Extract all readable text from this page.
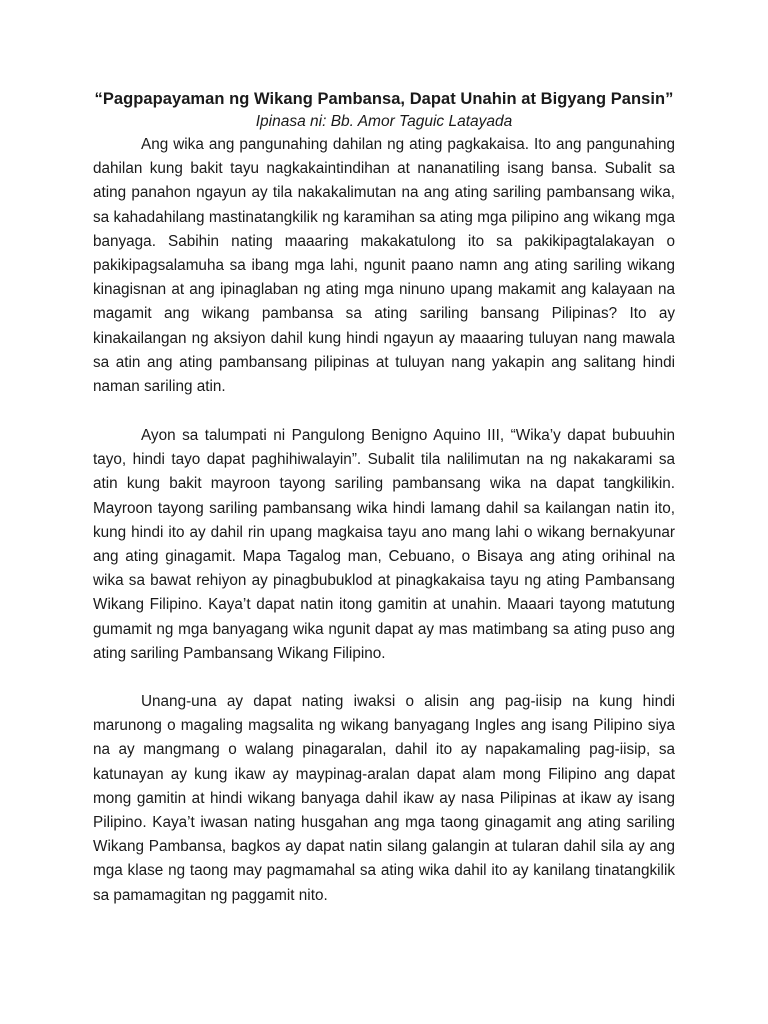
“Pagpapayaman ng Wikang Pambansa, Dapat Unahin at Bigyang Pansin”
Ipinasa ni: Bb. Amor Taguic Latayada

Ang wika ang pangunahing dahilan ng ating pagkakaisa. Ito ang pangunahing dahilan kung bakit tayu nagkakaintindihan at nananatiling isang bansa. Subalit sa ating panahon ngayun ay tila nakakalimutan na ang ating sariling pambansang wika, sa kahadahilang mastinatangkilik ng karamihan sa ating mga pilipino ang wikang mga banyaga. Sabihin nating maaaring makakatulong ito sa pakikipagtalakayan o pakikipagsalamuha sa ibang mga lahi, ngunit paano namn ang ating sariling wikang kinagisnan at ang ipinaglaban ng ating mga ninuno upang makamit ang kalayaan na magamit ang wikang pambansa sa ating sariling bansang Pilipinas? Ito ay kinakailangan ng aksiyon dahil kung hindi ngayun ay maaaring tuluyan nang mawala sa atin ang ating pambansang pilipinas at tuluyan nang yakapin ang salitang hindi naman sariling atin.

Ayon sa talumpati ni Pangulong Benigno Aquino III, “Wika’y dapat bubuuhin tayo, hindi tayo dapat paghihiwalayin”. Subalit tila nalilimutan na ng nakakarami sa atin kung bakit mayroon tayong sariling pambansang wika na dapat tangkilikin. Mayroon tayong sariling pambansang wika hindi lamang dahil sa kailangan natin ito, kung hindi ito ay dahil rin upang magkaisa tayu ano mang lahi o wikang bernakyunar ang ating ginagamit. Mapa Tagalog man, Cebuano, o Bisaya ang ating orihinal na wika sa bawat rehiyon ay pinagbubuklod at pinagkakaisa tayu ng ating Pambansang Wikang Filipino. Kaya’t dapat natin itong gamitin at unahin. Maaari tayong matutung gumamit ng mga banyagang wika ngunit dapat ay mas matimbang sa ating puso ang ating sariling Pambansang Wikang Filipino.

Unang-una ay dapat nating iwaksi o alisin ang pag-iisip na kung hindi marunong o magaling magsalita ng wikang banyagang Ingles ang isang Pilipino siya na ay mangmang o walang pinagaralan, dahil ito ay napakamaling pag-iisip, sa katunayan ay kung ikaw ay maypinag-aralan dapat alam mong Filipino ang dapat mong gamitin at hindi wikang banyaga dahil ikaw ay nasa Pilipinas at ikaw ay isang Pilipino. Kaya’t iwasan nating husgahan ang mga taong ginagamit ang ating sariling Wikang Pambansa, bagkos ay dapat natin silang galangin at tularan dahil sila ay ang mga klase ng taong may pagmamahal sa ating wika dahil ito ay kanilang tinatangkilik sa pamamagitan ng paggamit nito.
